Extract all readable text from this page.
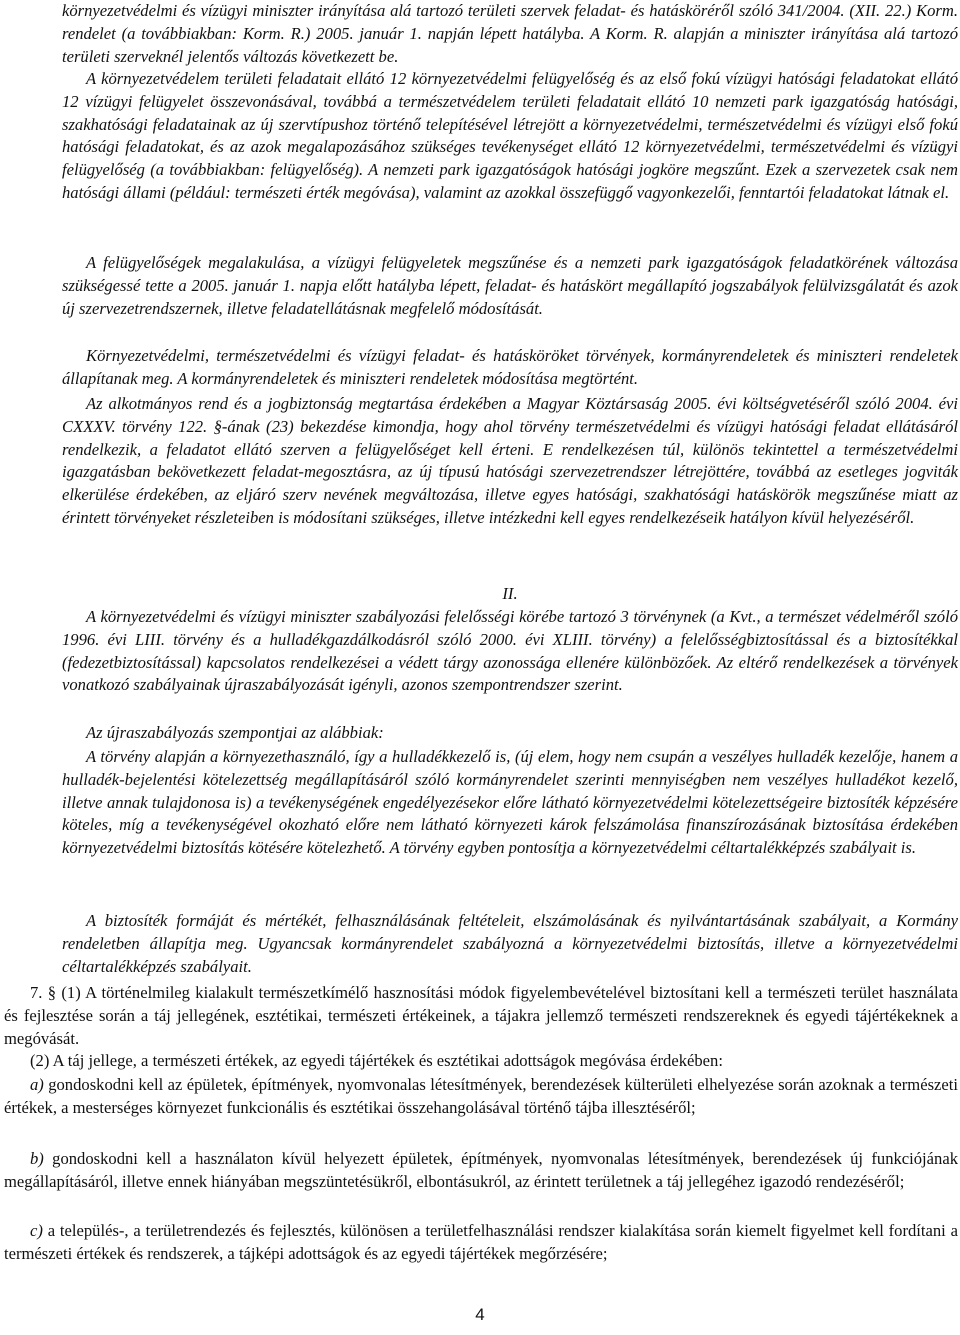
környezetvédelmi és vízügyi miniszter irányítása alá tartozó területi szervek feladat- és hatásköréről szóló 341/2004. (XII. 22.) Korm. rendelet (a továbbiakban: Korm. R.) 2005. január 1. napján lépett hatályba. A Korm. R. alapján a miniszter irányítása alá tartozó területi szerveknél jelentős változás következett be.

A környezetvédelem területi feladatait ellátó 12 környezetvédelmi felügyelőség és az első fokú vízügyi hatósági feladatokat ellátó 12 vízügyi felügyelet összevonásával, továbbá a természetvédelem területi feladatait ellátó 10 nemzeti park igazgatóság hatósági, szakhatósági feladatainak az új szervtípushoz történő telepítésével létrejött a környezetvédelmi, természetvédelmi és vízügyi első fokú hatósági feladatokat, és az azok megalapozásához szükséges tevékenységet ellátó 12 környezetvédelmi, természetvédelmi és vízügyi felügyelőség (a továbbiakban: felügyelőség). A nemzeti park igazgatóságok hatósági jogköre megszűnt. Ezek a szervezetek csak nem hatósági állami (például: természeti érték megóvása), valamint az azokkal összefüggő vagyonkezelői, fenntartói feladatokat látnak el.

A felügyelőségek megalakulása, a vízügyi felügyeletek megszűnése és a nemzeti park igazgatóságok feladatkörének változása szükségessé tette a 2005. január 1. napja előtt hatályba lépett, feladat- és hatáskört megállapító jogszabályok felülvizsgálatát és azok új szervezetrendszernek, illetve feladatellátásnak megfelelő módosítását.

Környezetvédelmi, természetvédelmi és vízügyi feladat- és hatásköröket törvények, kormányrendeletek és miniszteri rendeletek állapítanak meg. A kormányrendeletek és miniszteri rendeletek módosítása megtörtént.

Az alkotmányos rend és a jogbiztonság megtartása érdekében a Magyar Köztársaság 2005. évi költségvetéséről szóló 2004. évi CXXXV. törvény 122. §-ának (23) bekezdése kimondja, hogy ahol törvény természetvédelmi és vízügyi hatósági feladat ellátásáról rendelkezik, a feladatot ellátó szerven a felügyelőséget kell érteni. E rendelkezésen túl, különös tekintettel a természetvédelmi igazgatásban bekövetkezett feladat-megosztásra, az új típusú hatósági szervezetrendszer létrejöttére, továbbá az esetleges jogviták elkerülése érdekében, az eljáró szerv nevének megváltozása, illetve egyes hatósági, szakhatósági hatáskörök megszűnése miatt az érintett törvényeket részleteiben is módosítani szükséges, illetve intézkedni kell egyes rendelkezéseik hatályon kívül helyezéséről.

II.

A környezetvédelmi és vízügyi miniszter szabályozási felelősségi körébe tartozó 3 törvénynek (a Kvt., a természet védelméről szóló 1996. évi LIII. törvény és a hulladékgazdálkodásról szóló 2000. évi XLIII. törvény) a felelősségbiztosítással és a biztosítékkal (fedezetbiztosítással) kapcsolatos rendelkezései a védett tárgy azonossága ellenére különbözőek. Az eltérő rendelkezések a törvények vonatkozó szabályainak újraszabályozását igényli, azonos szempontrendszer szerint.

Az újraszabályozás szempontjai az alábbiak:

A törvény alapján a környezethasználó, így a hulladékkezelő is, (új elem, hogy nem csupán a veszélyes hulladék kezelője, hanem a hulladék-bejelentési kötelezettség megállapításáról szóló kormányrendelet szerinti mennyiségben nem veszélyes hulladékot kezelő, illetve annak tulajdonosa is) a tevékenységének engedélyezésekor előre látható környezetvédelmi kötelezettségeire biztosíték képzésére köteles, míg a tevékenységével okozható előre nem látható környezeti károk felszámolása finanszírozásának biztosítása érdekében környezetvédelmi biztosítás kötésére kötelezhető. A törvény egyben pontosítja a környezetvédelmi céltartalékképzés szabályait is.

A biztosíték formáját és mértékét, felhasználásának feltételeit, elszámolásának és nyilvántartásának szabályait, a Kormány rendeletben állapítja meg. Ugyancsak kormányrendelet szabályozná a környezetvédelmi biztosítás, illetve a környezetvédelmi céltartalékképzés szabályait.

7. § (1) A történelmileg kialakult természetkímélő hasznosítási módok figyelembevételével biztosítani kell a természeti terület használata és fejlesztése során a táj jellegének, esztétikai, természeti értékeinek, a tájakra jellemző természeti rendszereknek és egyedi tájértékeknek a megóvását.

(2) A táj jellege, a természeti értékek, az egyedi tájértékek és esztétikai adottságok megóvása érdekében:

a) gondoskodni kell az épületek, építmények, nyomvonalas létesítmények, berendezések külterületi elhelyezése során azoknak a természeti értékek, a mesterséges környezet funkcionális és esztétikai összehangolásával történő tájba illesztéséről;

b) gondoskodni kell a használaton kívül helyezett épületek, építmények, nyomvonalas létesítmények, berendezések új funkciójának megállapításáról, illetve ennek hiányában megszüntetésükről, elbontásukról, az érintett területnek a táj jellegéhez igazodó rendezéséről;

c) a település-, a területrendezés és fejlesztés, különösen a területfelhasználási rendszer kialakítása során kiemelt figyelmet kell fordítani a természeti értékek és rendszerek, a tájképi adottságok és az egyedi tájértékek megőrzésére;

4
